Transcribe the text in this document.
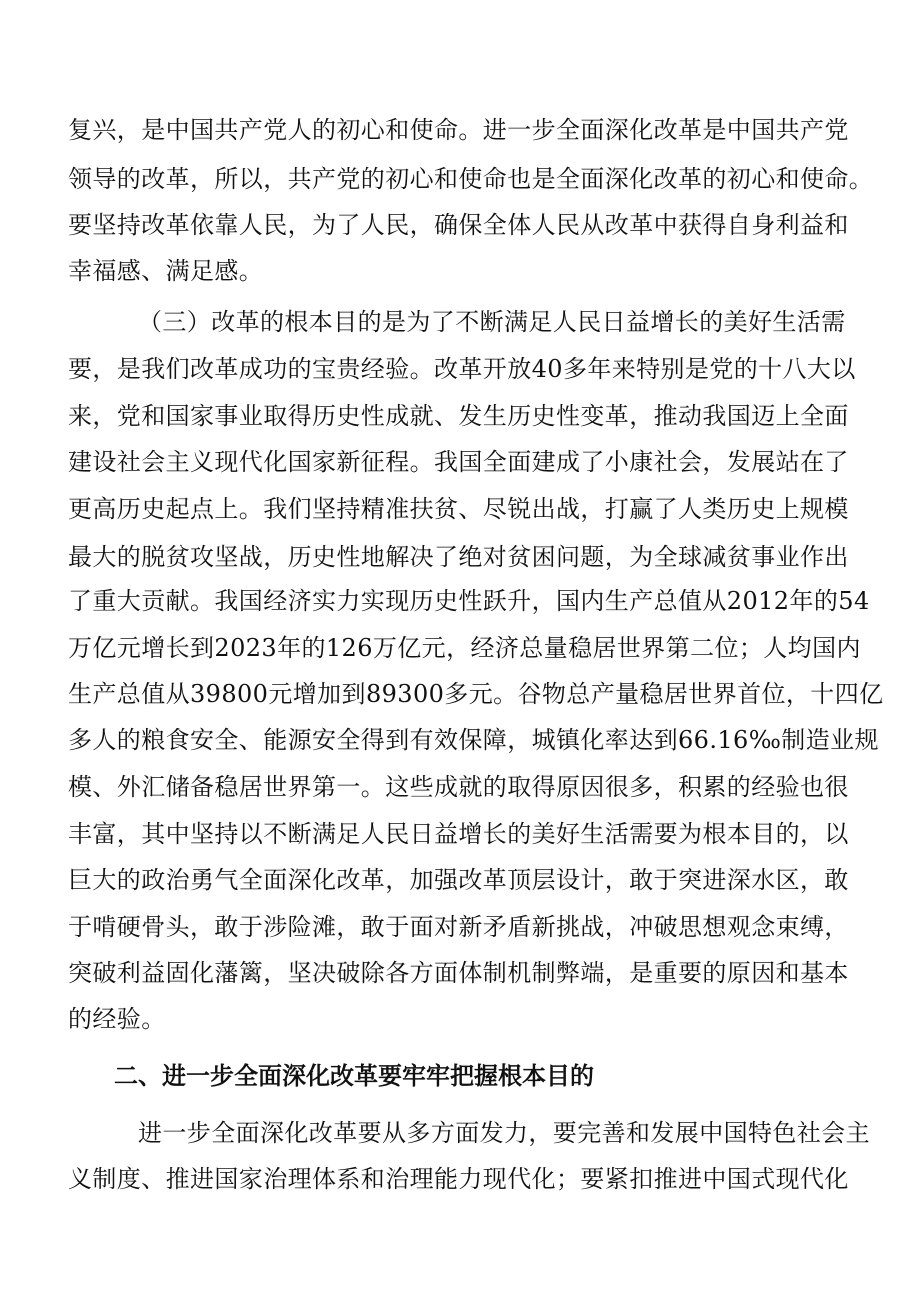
复兴，是中国共产党人的初心和使命。进一步全面深化改革是中国共产党
领导的改革，所以，共产党的初心和使命也是全面深化改革的初心和使命。
要坚持改革依靠人民，为了人民，确保全体人民从改革中获得自身利益和
幸福感、满足感。
（三）改革的根本目的是为了不断满足人民日益增长的美好生活需
要，是我们改革成功的宝贵经验。改革开放40多年来特别是党的十八大以
来，党和国家事业取得历史性成就、发生历史性变革，推动我国迈上全面
建设社会主义现代化国家新征程。我国全面建成了小康社会，发展站在了
更高历史起点上。我们坚持精准扶贫、尽锐出战，打赢了人类历史上规模
最大的脱贫攻坚战，历史性地解决了绝对贫困问题，为全球减贫事业作出
了重大贡献。我国经济实力实现历史性跃升，国内生产总值从2012年的54
万亿元增长到2023年的126万亿元，经济总量稳居世界第二位；人均国内
生产总值从39800元增加到89300多元。谷物总产量稳居世界首位，十四亿
多人的粮食安全、能源安全得到有效保障，城镇化率达到66.16‰制造业规
模、外汇储备稳居世界第一。这些成就的取得原因很多，积累的经验也很
丰富，其中坚持以不断满足人民日益增长的美好生活需要为根本目的，以
巨大的政治勇气全面深化改革，加强改革顶层设计，敢于突进深水区，敢
于啃硬骨头，敢于涉险滩，敢于面对新矛盾新挑战，冲破思想观念束缚，
突破利益固化藩篱，坚决破除各方面体制机制弊端，是重要的原因和基本
的经验。
二、进一步全面深化改革要牢牢把握根本目的
进一步全面深化改革要从多方面发力，要完善和发展中国特色社会主
义制度、推进国家治理体系和治理能力现代化；要紧扣推进中国式现代化
